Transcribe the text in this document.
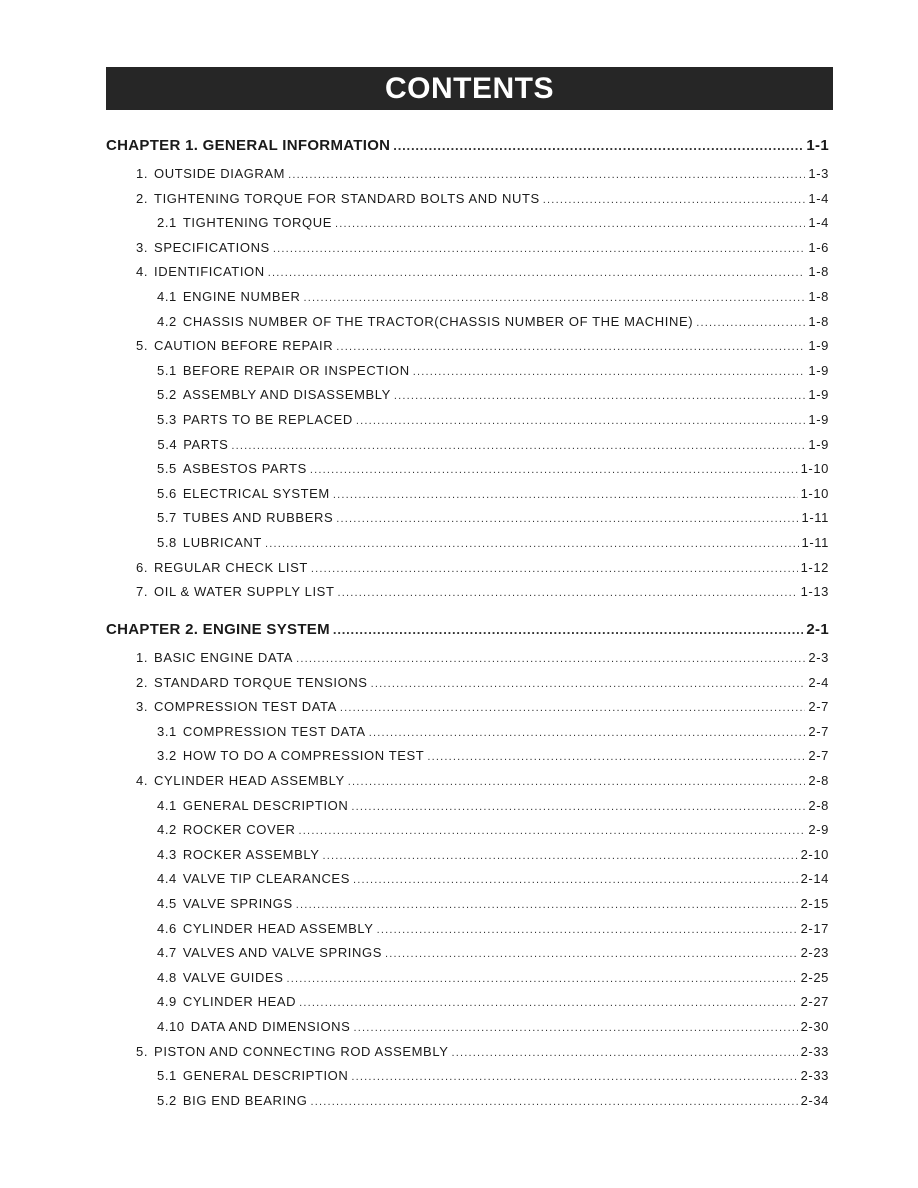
CONTENTS
CHAPTER 1. GENERAL INFORMATION .....	1-1
1. OUTSIDE DIAGRAM .....	1-3
2. TIGHTENING TORQUE FOR STANDARD BOLTS AND NUTS .....	1-4
2.1 TIGHTENING TORQUE .....	1-4
3. SPECIFICATIONS .....	1-6
4. IDENTIFICATION .....	1-8
4.1 ENGINE NUMBER .....	1-8
4.2 CHASSIS NUMBER OF THE TRACTOR(CHASSIS NUMBER OF THE MACHINE) .....	1-8
5. CAUTION BEFORE REPAIR .....	1-9
5.1 BEFORE REPAIR OR INSPECTION .....	1-9
5.2 ASSEMBLY AND DISASSEMBLY .....	1-9
5.3 PARTS TO BE REPLACED .....	1-9
5.4 PARTS .....	1-9
5.5 ASBESTOS PARTS .....	1-10
5.6 ELECTRICAL SYSTEM .....	1-10
5.7 TUBES AND RUBBERS .....	1-11
5.8 LUBRICANT .....	1-11
6. REGULAR CHECK LIST .....	1-12
7. OIL & WATER SUPPLY LIST .....	1-13
CHAPTER 2. ENGINE SYSTEM .....	2-1
1. BASIC ENGINE DATA .....	2-3
2. STANDARD TORQUE TENSIONS .....	2-4
3. COMPRESSION TEST DATA .....	2-7
3.1 COMPRESSION TEST DATA .....	2-7
3.2 HOW TO DO A COMPRESSION TEST .....	2-7
4. CYLINDER HEAD ASSEMBLY .....	2-8
4.1 GENERAL DESCRIPTION .....	2-8
4.2 ROCKER COVER .....	2-9
4.3 ROCKER ASSEMBLY .....	2-10
4.4 VALVE TIP CLEARANCES .....	2-14
4.5 VALVE SPRINGS .....	2-15
4.6 CYLINDER HEAD ASSEMBLY .....	2-17
4.7 VALVES AND VALVE SPRINGS .....	2-23
4.8 VALVE GUIDES .....	2-25
4.9 CYLINDER HEAD .....	2-27
4.10 DATA AND DIMENSIONS .....	2-30
5. PISTON AND CONNECTING ROD ASSEMBLY .....	2-33
5.1 GENERAL DESCRIPTION .....	2-33
5.2 BIG END BEARING .....	2-34
